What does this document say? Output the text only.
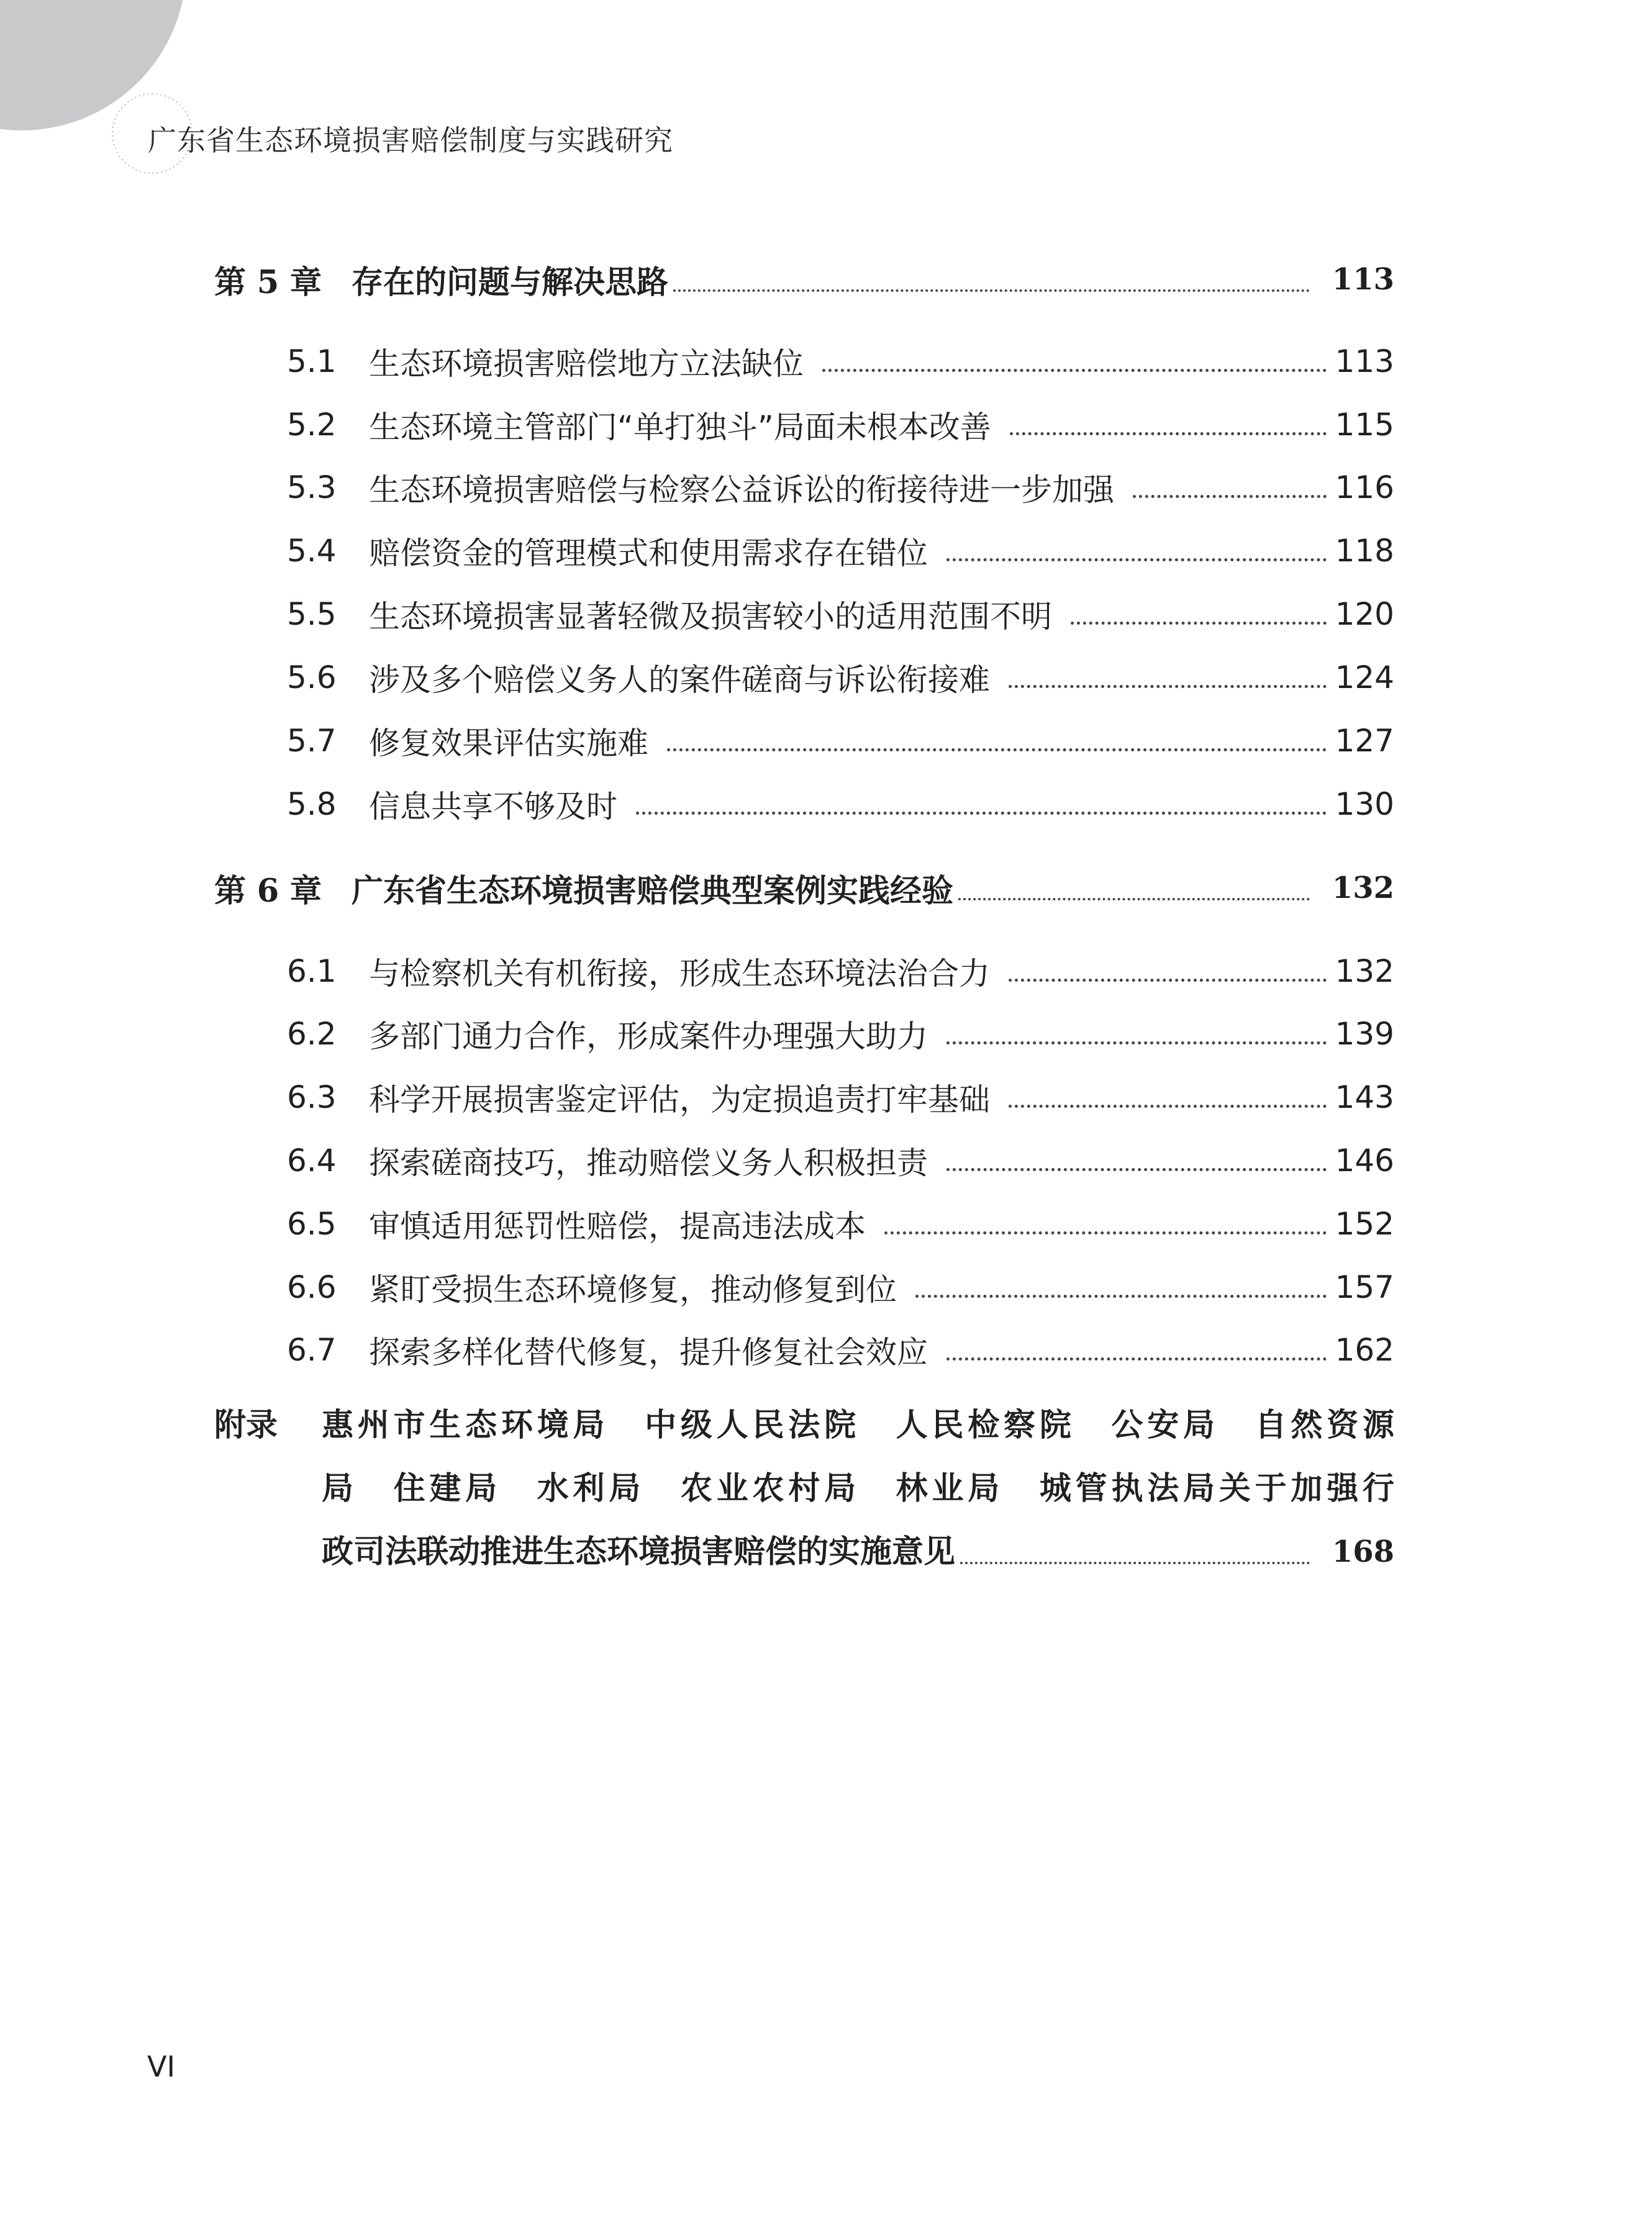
广东省生态环境损害赔偿制度与实践研究
第 5 章 存在的问题与解决思路	113
5.1 生态环境损害赔偿地方立法缺位	113
5.2 生态环境主管部门“单打独斗”局面未根本改善	115
5.3 生态环境损害赔偿与检察公益诉讼的衔接待进一步加强	116
5.4 赔偿资金的管理模式和使用需求存在错位	118
5.5 生态环境损害显著轻微及损害较小的适用范围不明	120
5.6 涉及多个赔偿义务人的案件磋商与诉讼衔接难	124
5.7 修复效果评估实施难	127
5.8 信息共享不够及时	130
第 6 章 广东省生态环境损害赔偿典型案例实践经验	132
6.1 与检察机关有机衔接，形成生态环境法治合力	132
6.2 多部门通力合作，形成案件办理强大助力	139
6.3 科学开展损害鉴定评估，为定损追责打牢基础	143
6.4 探索磋商技巧，推动赔偿义务人积极担责	146
6.5 审慎适用惩罚性赔偿，提高违法成本	152
6.6 紧盯受损生态环境修复，推动修复到位	157
6.7 探索多样化替代修复，提升修复社会效应	162
附录 惠州市生态环境局　中级人民法院　人民检察院　公安局　自然资源
局　住建局　水利局　农业农村局　林业局　城管执法局关于加强行
政司法联动推进生态环境损害赔偿的实施意见	168
VI
